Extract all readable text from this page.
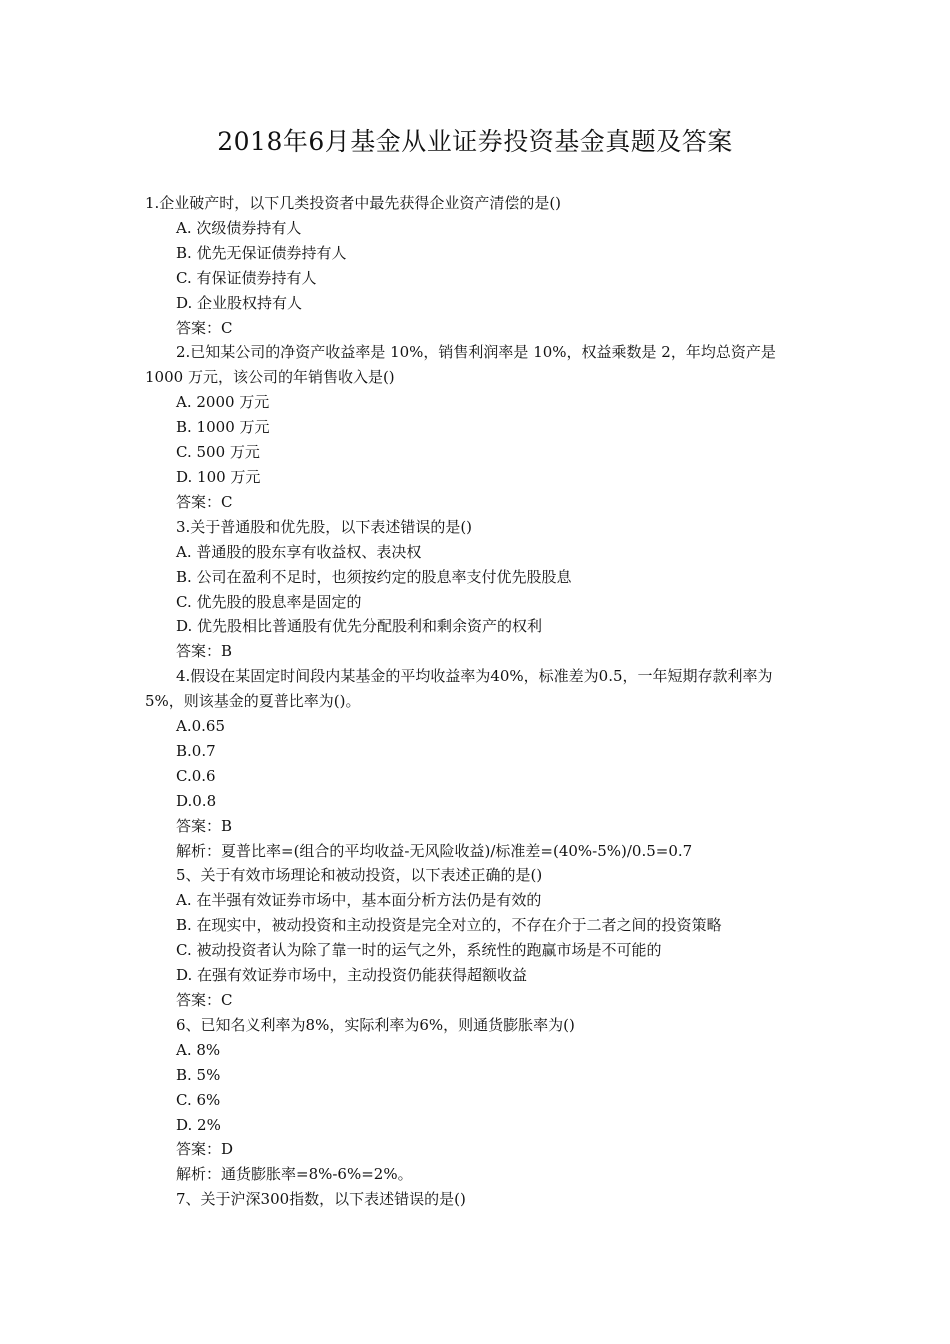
2018年6月基金从业证券投资基金真题及答案

1.企业破产时，以下几类投资者中最先获得企业资产清偿的是()

A. 次级债券持有人

B. 优先无保证债券持有人

C. 有保证债券持有人

D. 企业股权持有人

答案：C

2.已知某公司的净资产收益率是 10%，销售利润率是 10%，权益乘数是 2，年均总资产是 1000 万元，该公司的年销售收入是()

A. 2000 万元

B. 1000 万元

C. 500 万元

D. 100 万元

答案：C

3.关于普通股和优先股，以下表述错误的是()

A. 普通股的股东享有收益权、表决权

B. 公司在盈利不足时，也须按约定的股息率支付优先股股息

C. 优先股的股息率是固定的

D. 优先股相比普通股有优先分配股利和剩余资产的权利

答案：B

4.假设在某固定时间段内某基金的平均收益率为40%，标准差为0.5，一年短期存款利率为5%，则该基金的夏普比率为()。

A.0.65

B.0.7

C.0.6

D.0.8

答案：B

解析：夏普比率=(组合的平均收益-无风险收益)/标准差=(40%-5%)/0.5=0.7

5、关于有效市场理论和被动投资，以下表述正确的是()

A. 在半强有效证券市场中，基本面分析方法仍是有效的

B. 在现实中，被动投资和主动投资是完全对立的，不存在介于二者之间的投资策略

C. 被动投资者认为除了靠一时的运气之外，系统性的跑赢市场是不可能的

D. 在强有效证券市场中，主动投资仍能获得超额收益

答案：C

6、已知名义利率为8%，实际利率为6%，则通货膨胀率为()

A. 8%

B. 5%

C. 6%

D. 2%

答案：D

解析：通货膨胀率=8%-6%=2%。

7、关于沪深300指数，以下表述错误的是()
